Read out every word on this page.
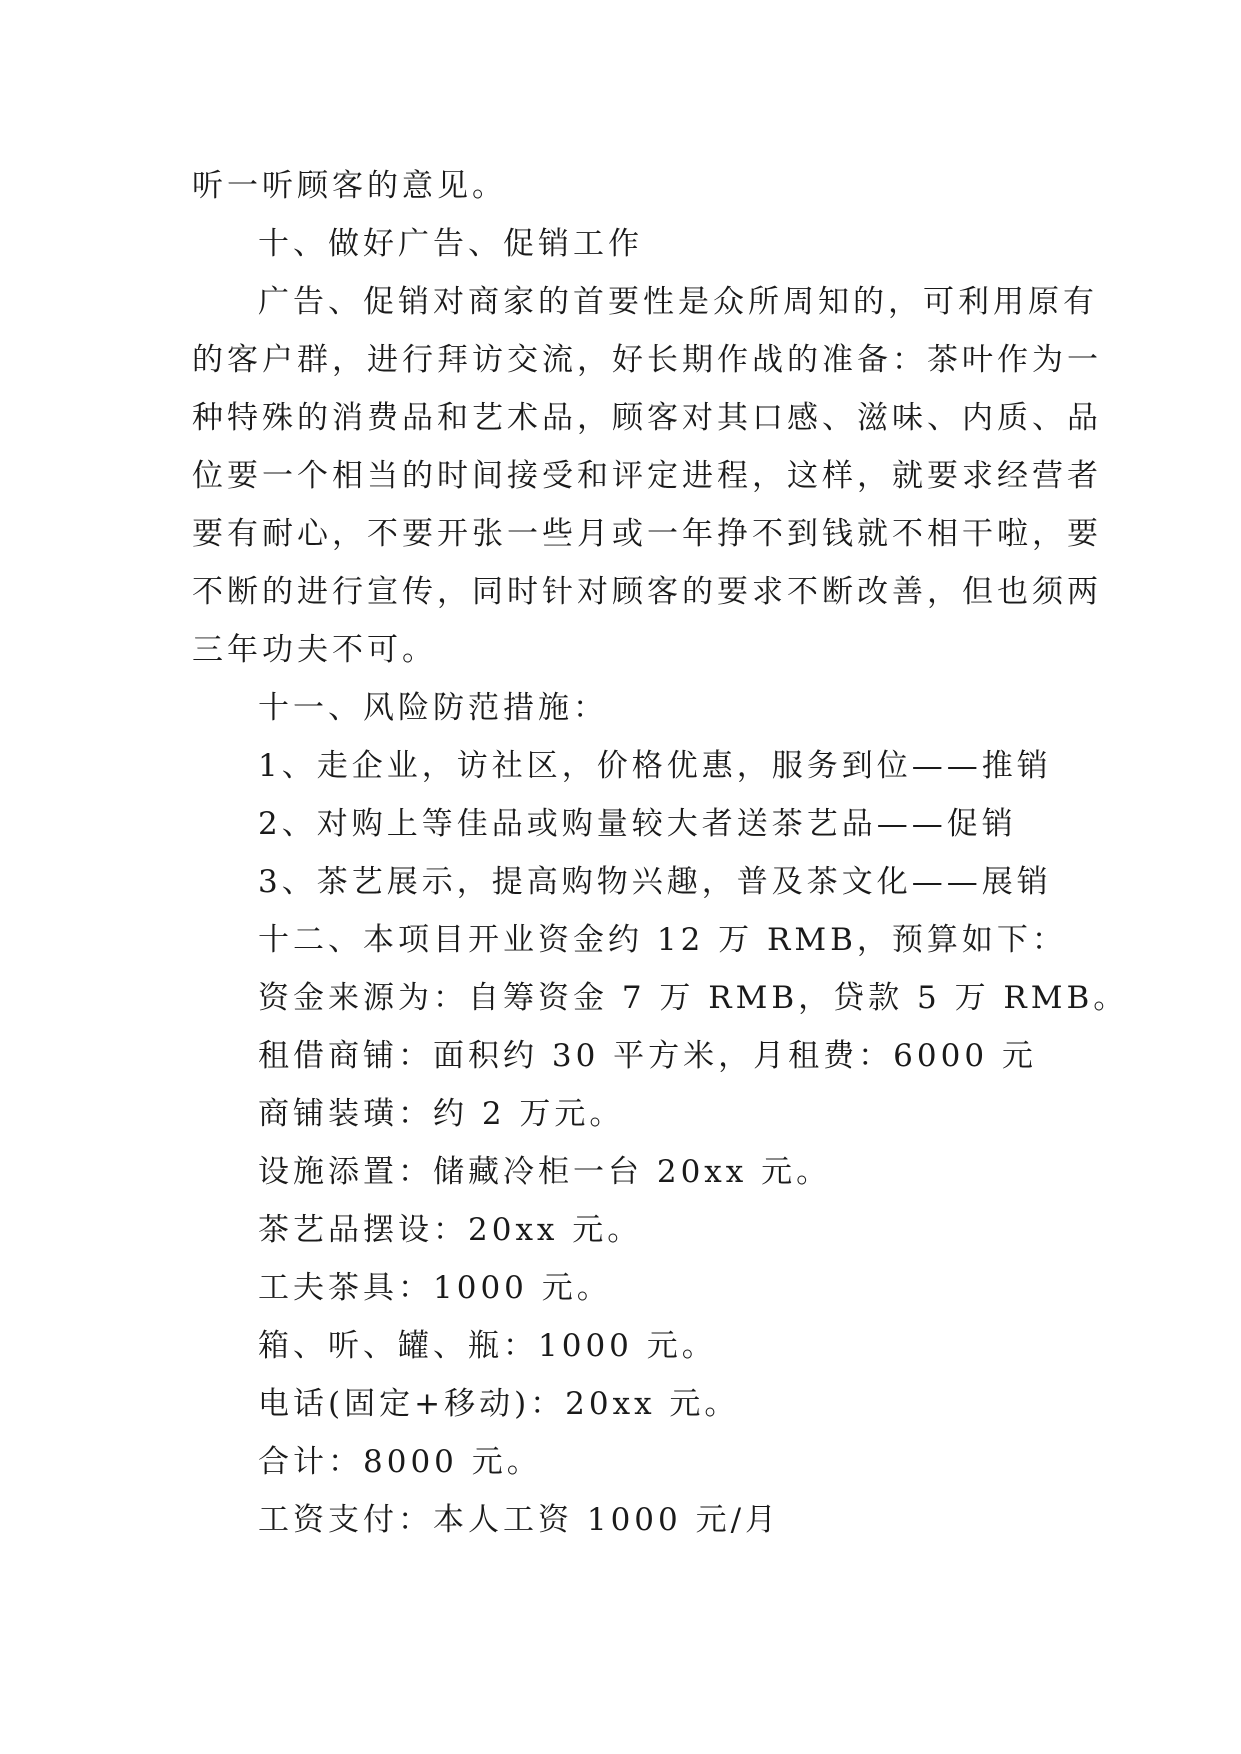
听一听顾客的意见。

十、做好广告、促销工作

广告、促销对商家的首要性是众所周知的，可利用原有

的客户群，进行拜访交流，好长期作战的准备：茶叶作为一

种特殊的消费品和艺术品，顾客对其口感、滋味、内质、品

位要一个相当的时间接受和评定进程，这样，就要求经营者

要有耐心，不要开张一些月或一年挣不到钱就不相干啦，要

不断的进行宣传，同时针对顾客的要求不断改善，但也须两

三年功夫不可。

十一、风险防范措施：

1、走企业，访社区，价格优惠，服务到位——推销

2、对购上等佳品或购量较大者送茶艺品——促销

3、茶艺展示，提高购物兴趣，普及茶文化——展销

十二、本项目开业资金约 12 万 RMB，预算如下：

资金来源为：自筹资金 7 万 RMB，贷款 5 万 RMB。

租借商铺：面积约 30 平方米，月租费：6000 元

商铺装璜：约 2 万元。

设施添置：储藏冷柜一台 20xx 元。

茶艺品摆设：20xx 元。

工夫茶具：1000 元。

箱、听、罐、瓶：1000 元。

电话(固定+移动)：20xx 元。

合计：8000 元。

工资支付：本人工资 1000 元/月
